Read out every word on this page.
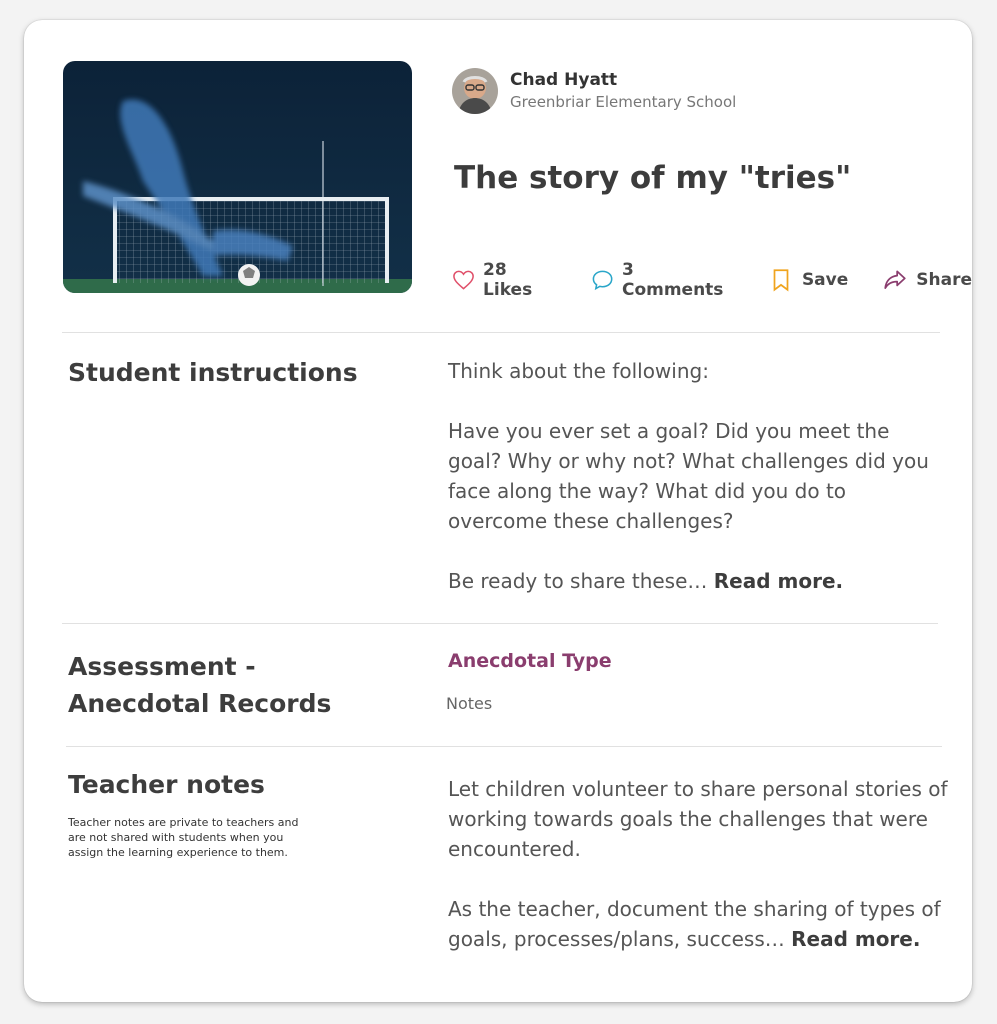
Chad Hyatt
Greenbriar Elementary School
The story of my "tries"
28 Likes
3 Comments	Save	Share
Student instructions	Think about the following:

Have you ever set a goal? Did you meet the goal? Why or why not? What challenges did you face along the way? What did you do to overcome these challenges?

Be ready to share these… Read more.

Assessment -
Anecdotal Records
Anecdotal Type
Notes
Teacher notes
Teacher notes are private to teachers and are not shared with students when you assign the learning experience to them.

Let children volunteer to share personal stories of working towards goals the challenges that were encountered.

As the teacher, document the sharing of types of goals, processes/plans, success… Read more.
